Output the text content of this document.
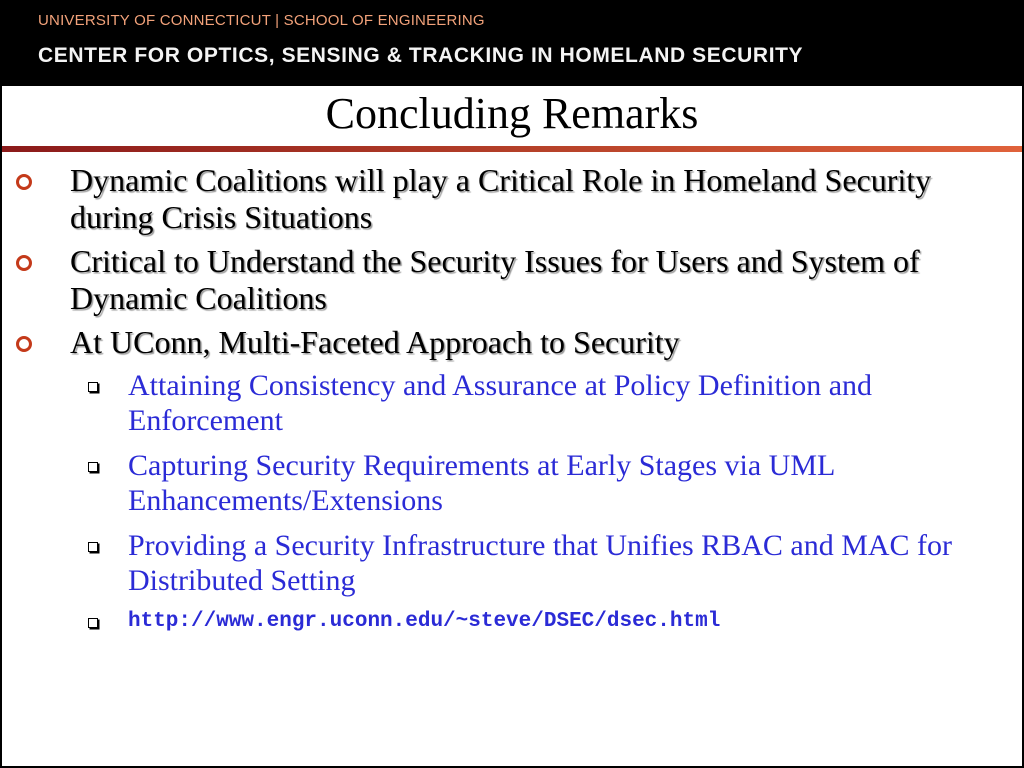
UNIVERSITY OF CONNECTICUT | SCHOOL OF ENGINEERING
CENTER FOR OPTICS, SENSING & TRACKING IN HOMELAND SECURITY
Concluding Remarks
Dynamic Coalitions will play a Critical Role in Homeland Security during Crisis Situations
Critical to Understand the Security Issues for Users and System of Dynamic Coalitions
At UConn, Multi-Faceted Approach to Security
Attaining Consistency and Assurance at Policy Definition and Enforcement
Capturing Security Requirements at Early Stages via UML Enhancements/Extensions
Providing a Security Infrastructure that Unifies RBAC and MAC for Distributed Setting
http://www.engr.uconn.edu/~steve/DSEC/dsec.html
